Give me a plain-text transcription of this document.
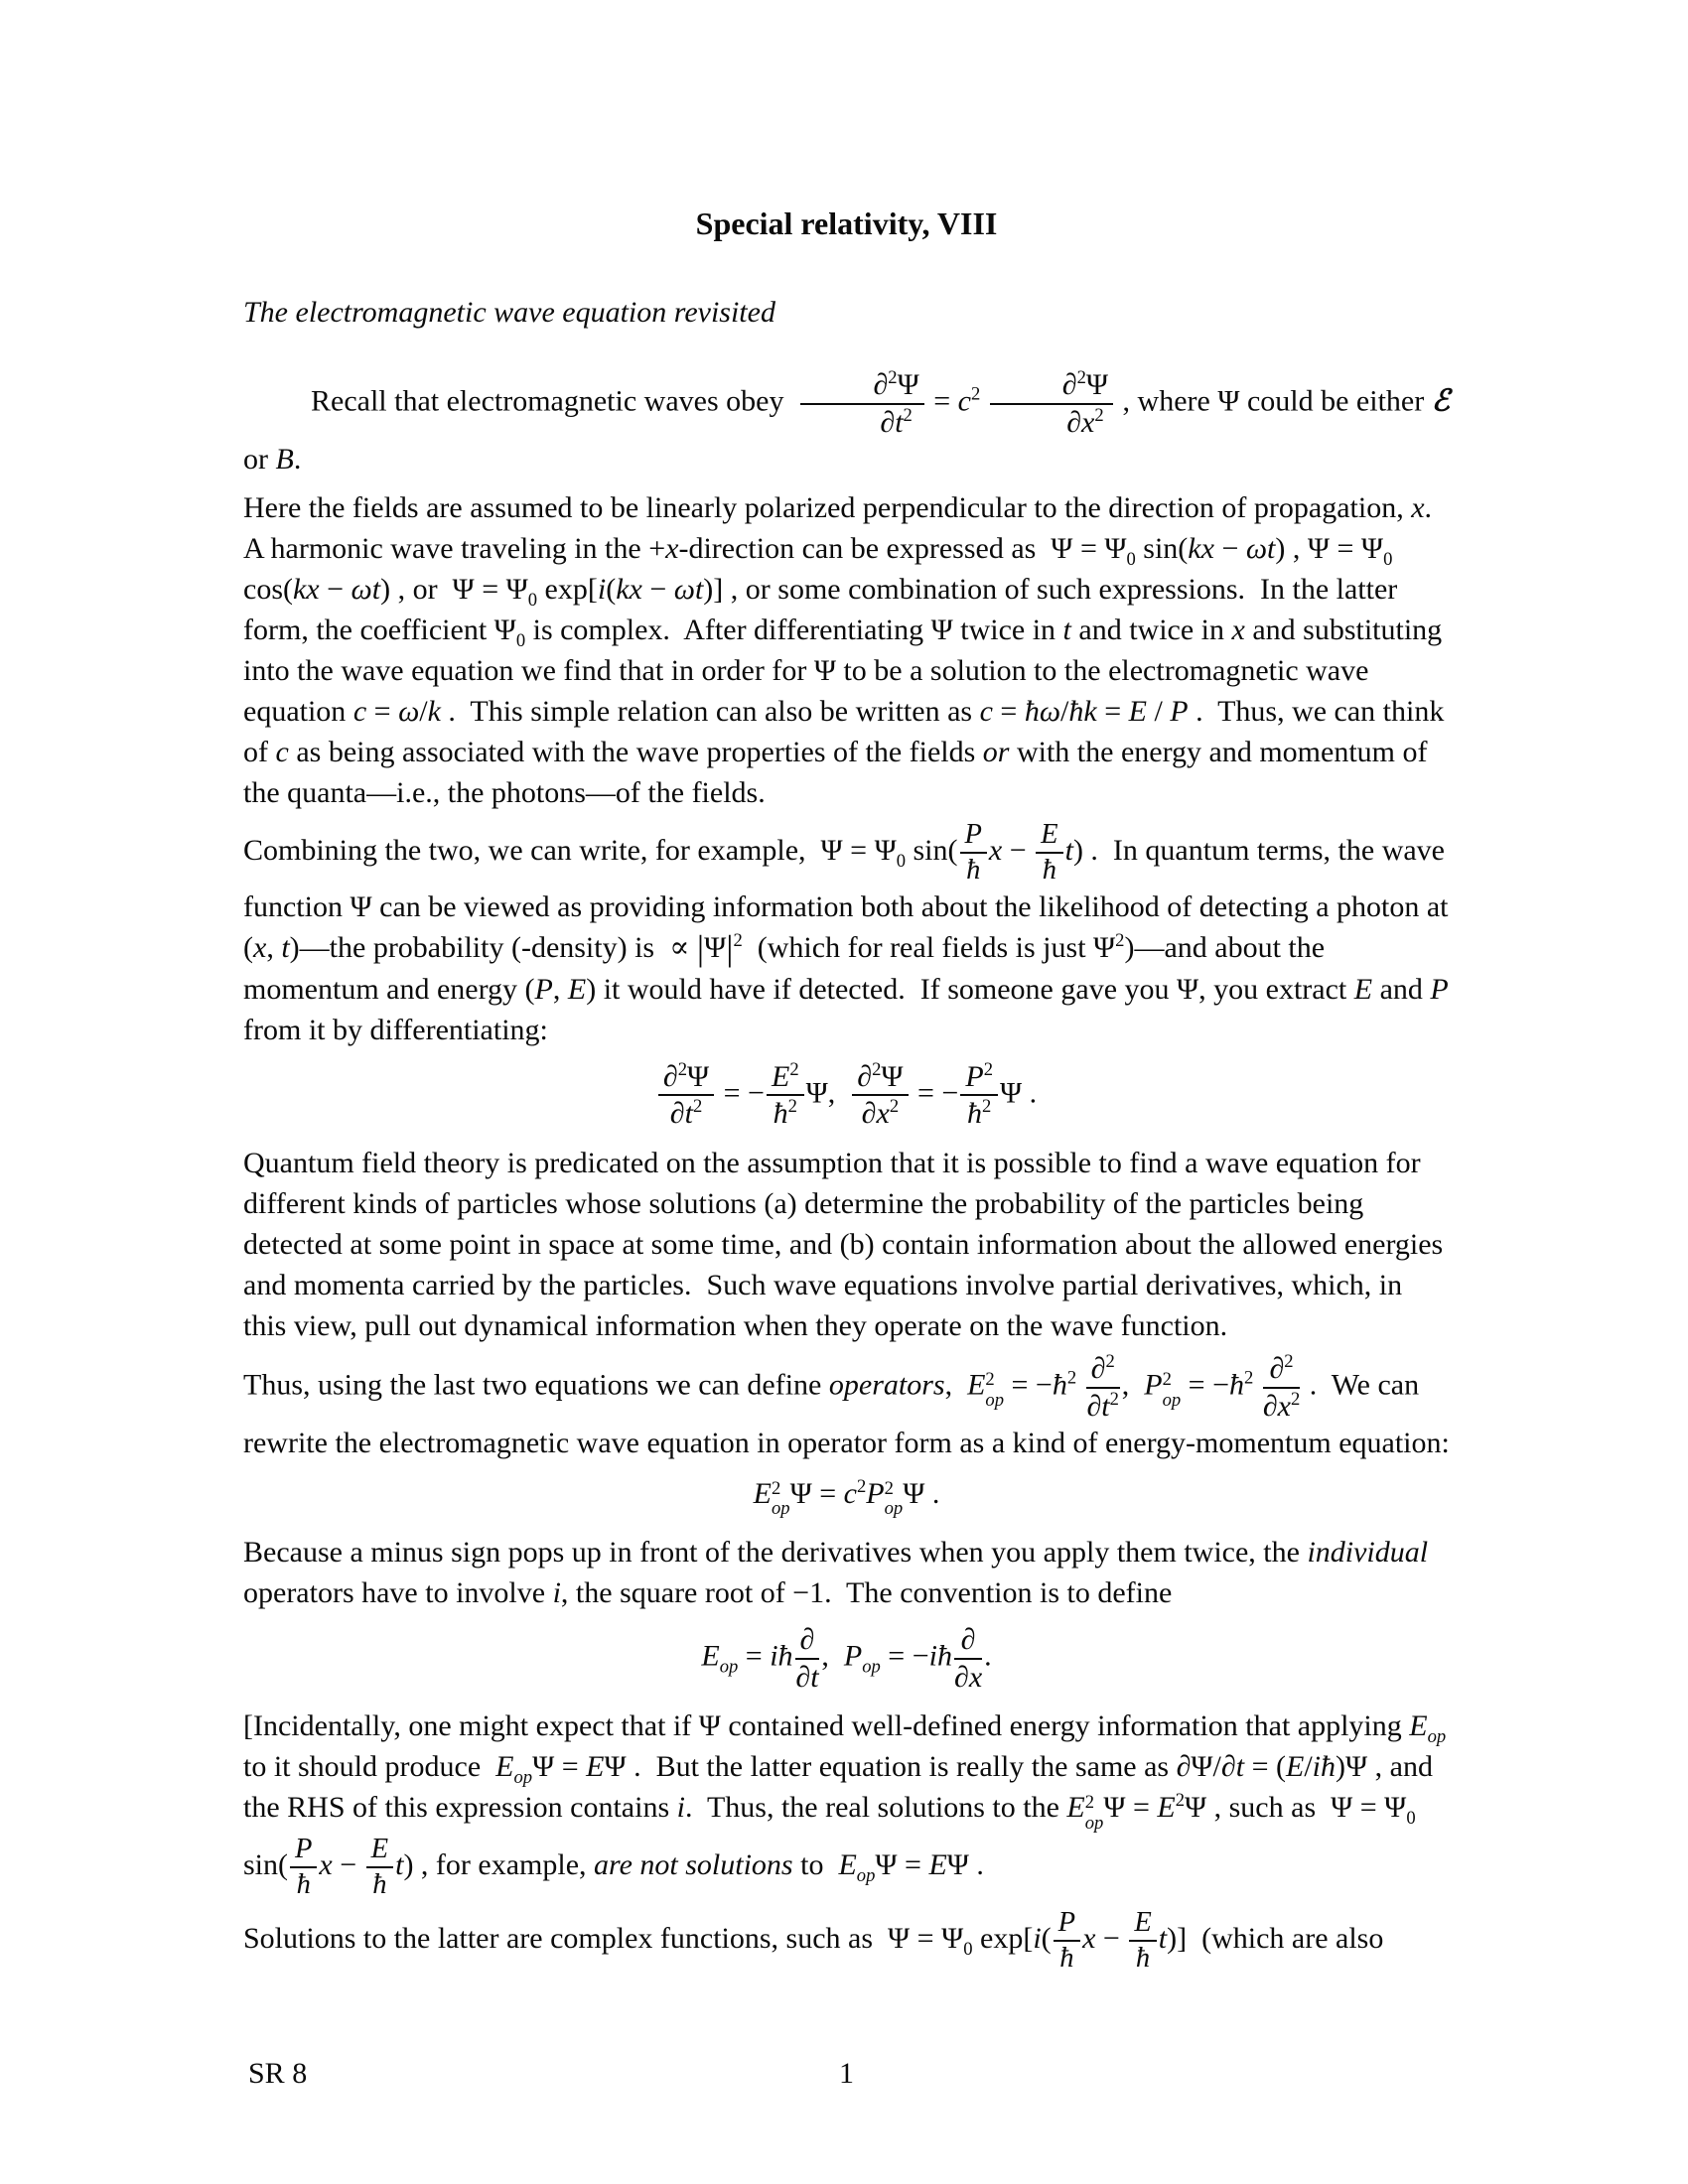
Special relativity, VIII
The electromagnetic wave equation revisited
Recall that electromagnetic waves obey $\frac{\partial^2\Psi}{\partial t^2} = c^2 \frac{\partial^2\Psi}{\partial x^2}$ , where Ψ could be either ℰ or B.
Here the fields are assumed to be linearly polarized perpendicular to the direction of propagation, x.  A harmonic wave traveling in the +x-direction can be expressed as  $\Psi = \Psi_0$ sin(kx − ωt) , $\Psi = \Psi_0$ cos(kx − ωt) , or  $\Psi = \Psi_0$ exp[i(kx − ωt)] , or some combination of such expressions.  In the latter form, the coefficient $\Psi_0$ is complex.  After differentiating Ψ twice in t and twice in x and substituting into the wave equation we find that in order for Ψ to be a solution to the electromagnetic wave equation c = ω/k .  This simple relation can also be written as c = ħω/ħk = E / P .  Thus, we can think of c as being associated with the wave properties of the fields or with the energy and momentum of the quanta—i.e., the photons—of the fields.
Combining the two, we can write, for example,  $\Psi = \Psi_0$ $\sin( \frac{P}{ħ}$ $x - \frac{E}{ħ} t$) .  In quantum terms, the wave function Ψ can be viewed as providing information both about the likelihood of detecting a photon at (x, t)—the probability (-density) is  ∝ $|\Psi|^2$  (which for real fields is just $\Psi^2)—and$ about the momentum and energy (P, E) it would have if detected.  If someone gave you Ψ, you extract E and P from it by differentiating:
$\frac{\partial^2\Psi}{\partial t^2}$ = − $\frac{E^2}{ħ^2} \Psi$, $\frac{\partial^2\Psi}{\partial x^2}$ = − $\frac{P^2}{ħ^2}$ Ψ .
Quantum field theory is predicated on the assumption that it is possible to find a wave equation for different kinds of particles whose solutions (a) determine the probability of the particles being detected at some point in space at some time, and (b) contain information about the allowed energies and momenta carried by the particles.  Such wave equations involve partial derivatives, which, in this view, pull out dynamical information when they operate on the wave function.
Thus, using the last two equations we can define operators,  E 2
op = $-ħ^2 \frac{\partial^2}{\partial t^2}$ ,  P 2
op = $-ħ^2 \frac{\partial^2}{\partial x^2}$ .  We can rewrite the electromagnetic wave equation in operator form as a kind of energy-momentum equation:
E 2
op $\Psi = c^2P$ 2
op Ψ .
Because a minus sign pops up in front of the derivatives when you apply them twice, the individual operators have to involve i, the square root of −1.  The convention is to define
$E_{op}$ = iħ ∂
∂t
,  $P_{op}$ = −iħ ∂
∂x
.
[Incidentally, one might expect that if Ψ contained well-defined energy information that applying $E_{op}$ to it should produce  $E_{op}\Psi = E\Psi$ .  But the latter equation is really the same as ∂Ψ/∂t = (E/iħ)Ψ , and the RHS of this expression contains i.  Thus, the real solutions to the E 2
op $\Psi = E^2\Psi$ , such as  $\Psi = \Psi_0$ $\sin( \frac{P}{ħ}$ $x - \frac{E}{ħ} t$) , for example, are not solutions to  $E_{op}\Psi = E\Psi$ .
Solutions to the latter are complex functions, such as  $\Psi = \Psi_0$ $\exp[i( \frac{P}{ħ}$ $x - \frac{E}{ħ} t$)]  (which are also
1
SR 8
